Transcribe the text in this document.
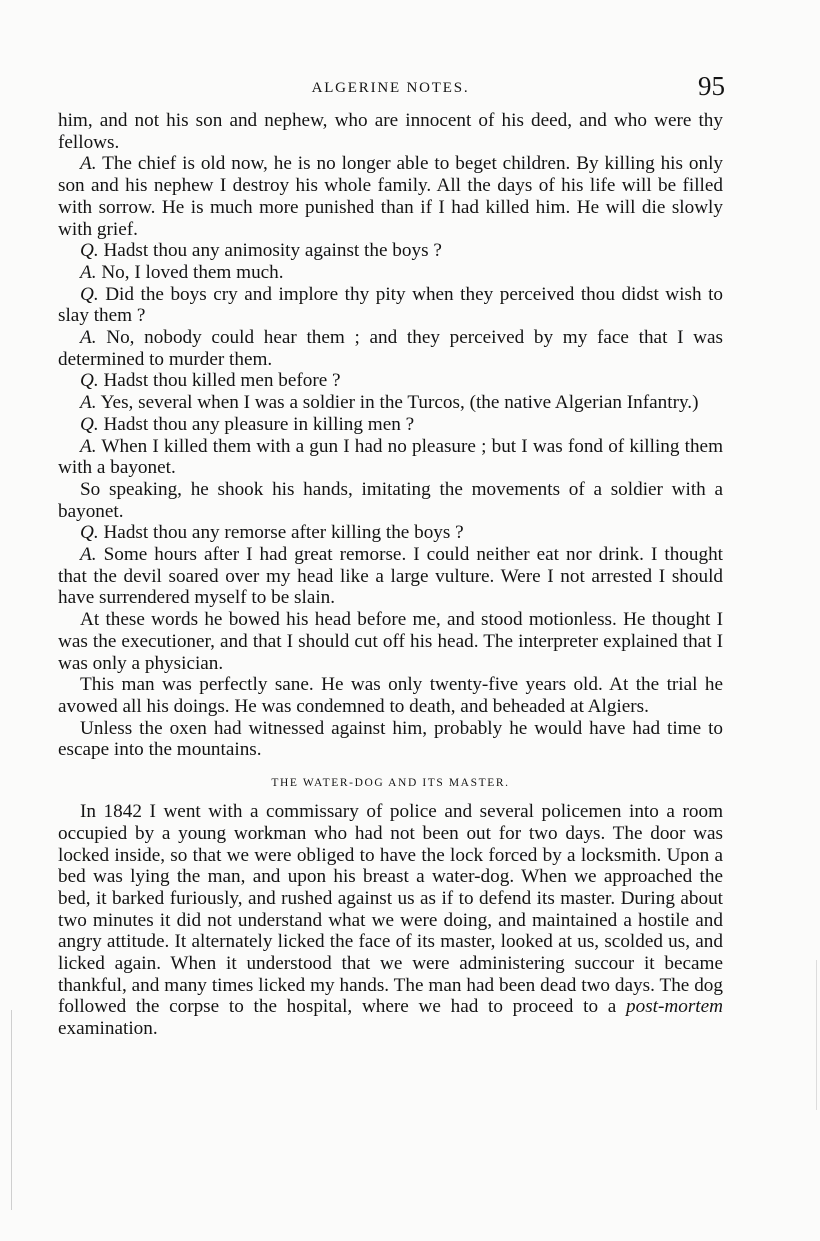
ALGERINE NOTES.	95

him, and not his son and nephew, who are innocent of his deed, and who were thy fellows.

A. The chief is old now, he is no longer able to beget children. By killing his only son and his nephew I destroy his whole family. All the days of his life will be filled with sorrow. He is much more punished than if I had killed him. He will die slowly with grief.

Q. Hadst thou any animosity against the boys ?

A. No, I loved them much.

Q. Did the boys cry and implore thy pity when they perceived thou didst wish to slay them ?

A. No, nobody could hear them ; and they perceived by my face that I was determined to murder them.

Q. Hadst thou killed men before ?

A. Yes, several when I was a soldier in the Turcos, (the native Algerian Infantry.)

Q. Hadst thou any pleasure in killing men ?

A. When I killed them with a gun I had no pleasure ; but I was fond of killing them with a bayonet.

So speaking, he shook his hands, imitating the movements of a soldier with a bayonet.

Q. Hadst thou any remorse after killing the boys ?

A. Some hours after I had great remorse. I could neither eat nor drink. I thought that the devil soared over my head like a large vulture. Were I not arrested I should have surrendered myself to be slain.

At these words he bowed his head before me, and stood motionless. He thought I was the executioner, and that I should cut off his head. The interpreter explained that I was only a physician.

This man was perfectly sane. He was only twenty-five years old. At the trial he avowed all his doings. He was condemned to death, and beheaded at Algiers.

Unless the oxen had witnessed against him, probably he would have had time to escape into the mountains.

THE WATER-DOG AND ITS MASTER.

In 1842 I went with a commissary of police and several policemen into a room occupied by a young workman who had not been out for two days. The door was locked inside, so that we were obliged to have the lock forced by a locksmith. Upon a bed was lying the man, and upon his breast a water-dog. When we approached the bed, it barked furiously, and rushed against us as if to defend its master. During about two minutes it did not understand what we were doing, and maintained a hostile and angry attitude. It alternately licked the face of its master, looked at us, scolded us, and licked again. When it understood that we were administering succour it became thankful, and many times licked my hands. The man had been dead two days. The dog followed the corpse to the hospital, where we had to proceed to a post-mortem examination.
